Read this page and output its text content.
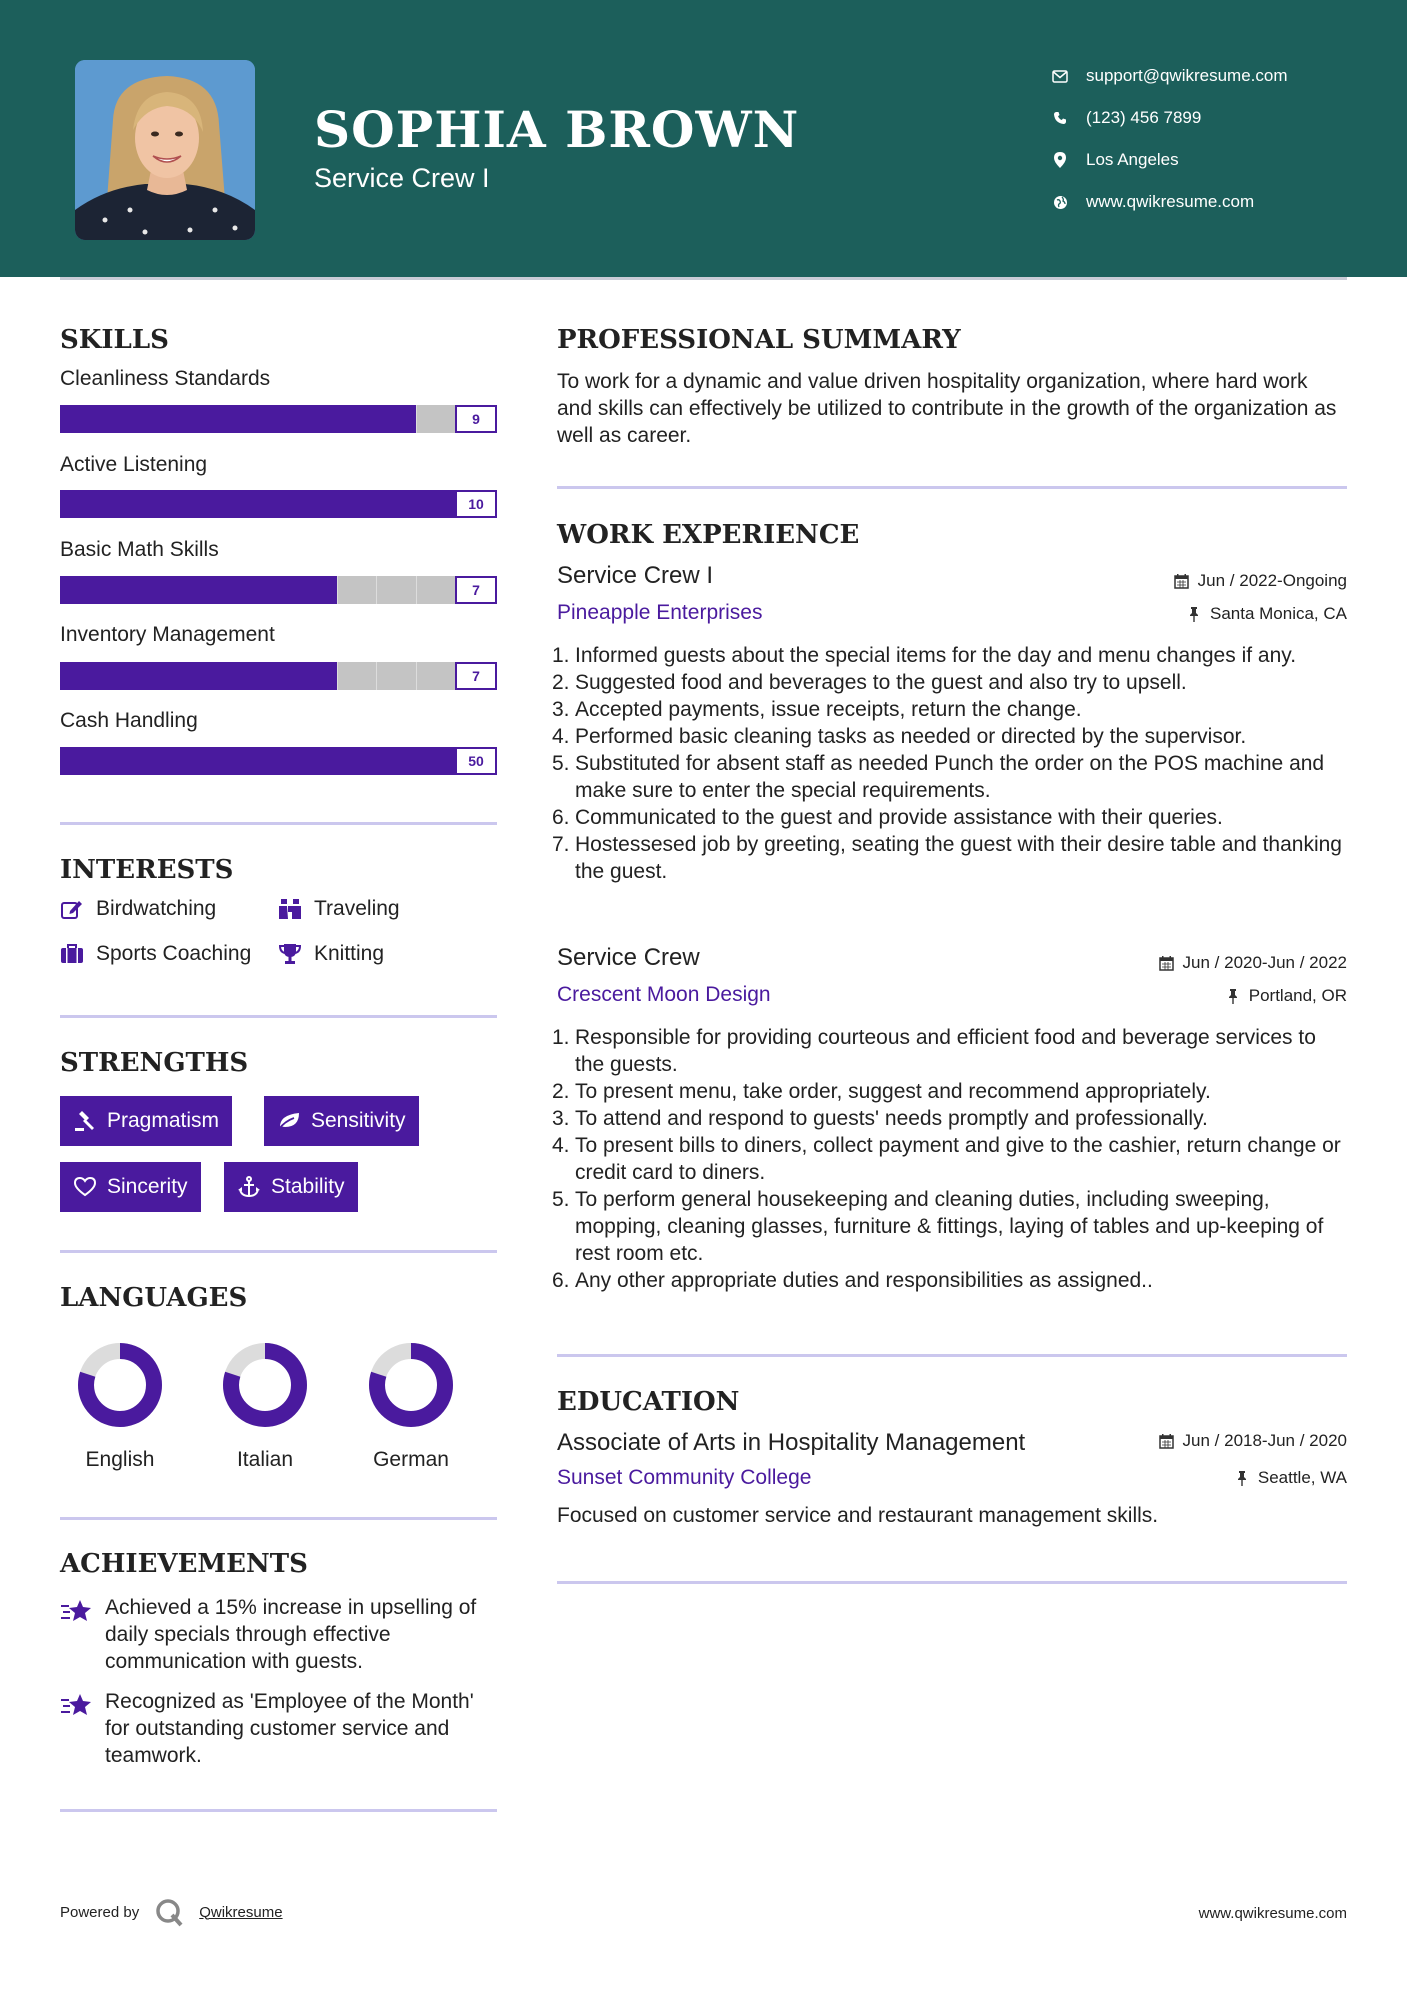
SOPHIA BROWN
Service Crew I
support@qwikresume.com
(123) 456 7899
Los Angeles
www.qwikresume.com
SKILLS
Cleanliness Standards
9
Active Listening
10
Basic Math Skills
7
Inventory Management
7
Cash Handling
50
INTERESTS
Birdwatching	Traveling
Sports Coaching	Knitting
STRENGTHS
Pragmatism	Sensitivity
Sincerity	Stability
LANGUAGES
English	Italian	German
ACHIEVEMENTS
Achieved a 15% increase in upselling of daily specials through effective communication with guests.
Recognized as 'Employee of the Month' for outstanding customer service and teamwork.
PROFESSIONAL SUMMARY
To work for a dynamic and value driven hospitality organization, where hard work and skills can effectively be utilized to contribute in the growth of the organization as well as career.
WORK EXPERIENCE
Service Crew I	Jun / 2022-Ongoing
Pineapple Enterprises	Santa Monica, CA
1. Informed guests about the special items for the day and menu changes if any.
2. Suggested food and beverages to the guest and also try to upsell.
3. Accepted payments, issue receipts, return the change.
4. Performed basic cleaning tasks as needed or directed by the supervisor.
5. Substituted for absent staff as needed Punch the order on the POS machine and make sure to enter the special requirements.
6. Communicated to the guest and provide assistance with their queries.
7. Hostessesed job by greeting, seating the guest with their desire table and thanking the guest.
Service Crew	Jun / 2020-Jun / 2022
Crescent Moon Design	Portland, OR
1. Responsible for providing courteous and efficient food and beverage services to the guests.
2. To present menu, take order, suggest and recommend appropriately.
3. To attend and respond to guests' needs promptly and professionally.
4. To present bills to diners, collect payment and give to the cashier, return change or credit card to diners.
5. To perform general housekeeping and cleaning duties, including sweeping, mopping, cleaning glasses, furniture & fittings, laying of tables and up-keeping of rest room etc.
6. Any other appropriate duties and responsibilities as assigned..
EDUCATION
Associate of Arts in Hospitality Management	Jun / 2018-Jun / 2020
Sunset Community College	Seattle, WA
Focused on customer service and restaurant management skills.
Powered by	Qwikresume	www.qwikresume.com
